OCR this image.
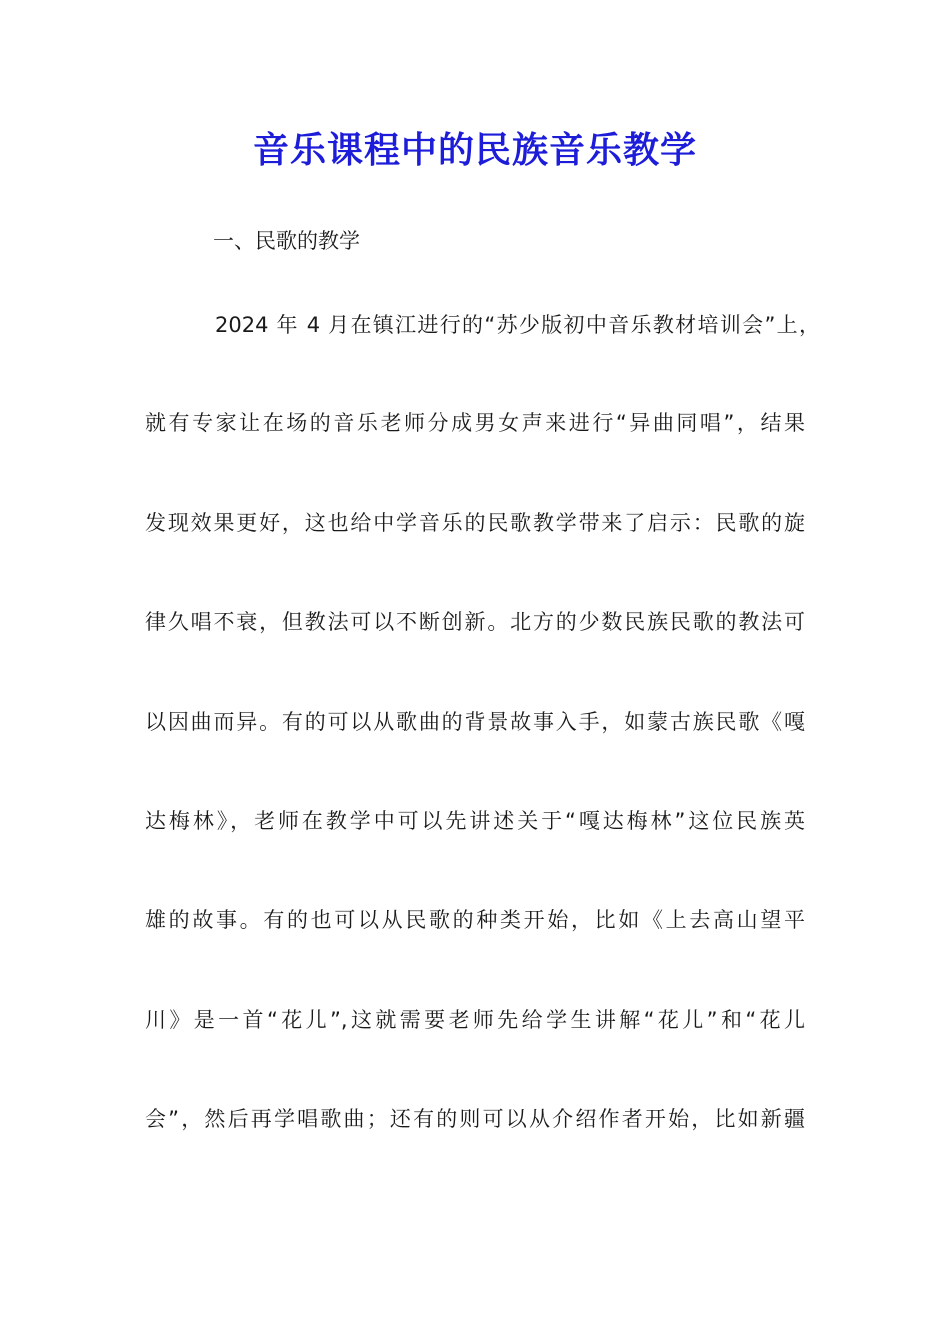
音乐课程中的民族音乐教学
一、民歌的教学

2024 年 4 月在镇江进行的“苏少版初中音乐教材培训会”上，

就有专家让在场的音乐老师分成男女声来进行“异曲同唱”，结果

发现效果更好，这也给中学音乐的民歌教学带来了启示：民歌的旋

律久唱不衰，但教法可以不断创新。北方的少数民族民歌的教法可

以因曲而异。有的可以从歌曲的背景故事入手，如蒙古族民歌《嘎

达梅林》，老师在教学中可以先讲述关于“嘎达梅林”这位民族英

雄的故事。有的也可以从民歌的种类开始，比如《上去高山望平

川》是一首“花儿”,这就需要老师先给学生讲解“花儿”和“花儿

会”，然后再学唱歌曲；还有的则可以从介绍作者开始，比如新疆
